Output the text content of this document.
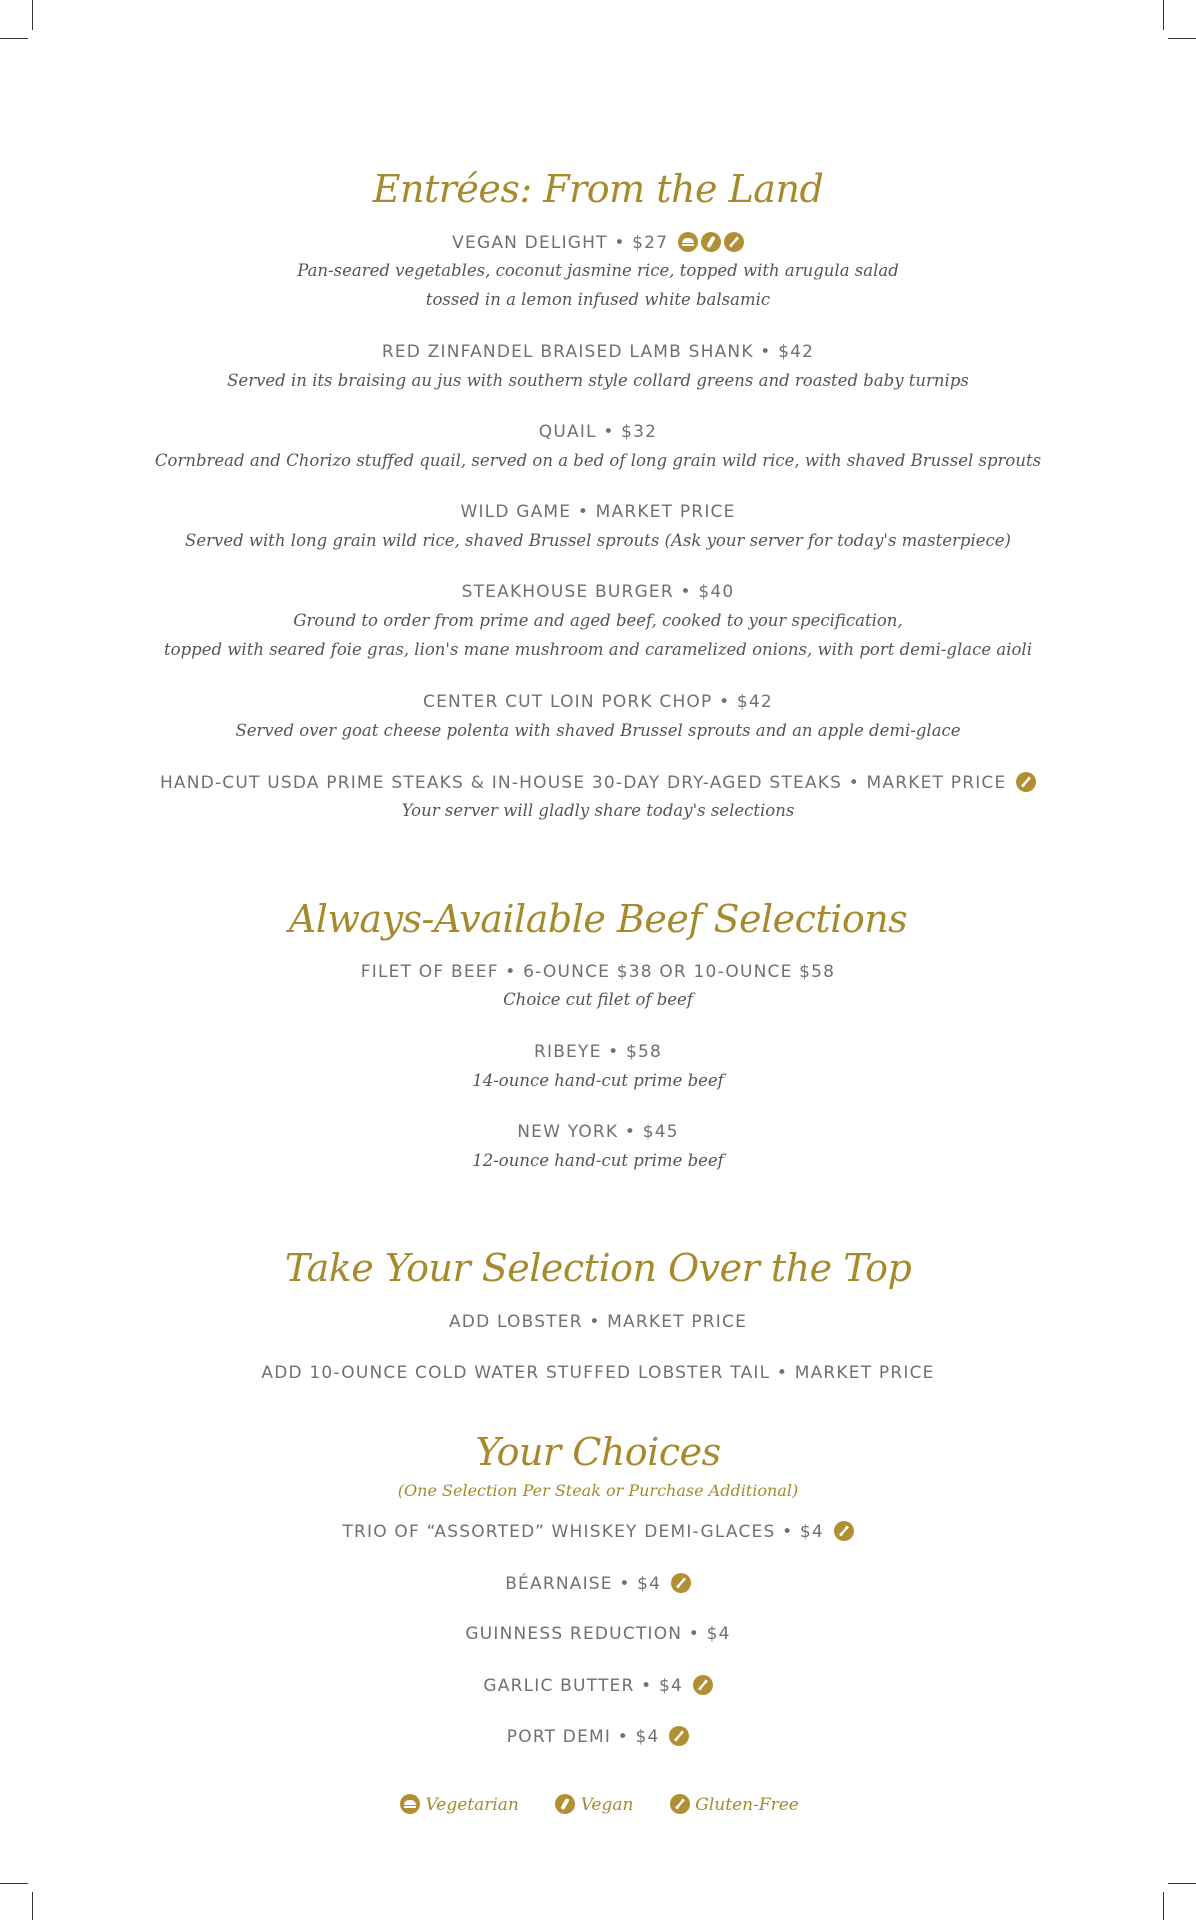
Entrées: From the Land
VEGAN DELIGHT • $27
Pan-seared vegetables, coconut jasmine rice, topped with arugula salad
tossed in a lemon infused white balsamic
RED ZINFANDEL BRAISED LAMB SHANK • $42
Served in its braising au jus with southern style collard greens and roasted baby turnips
QUAIL • $32
Cornbread and Chorizo stuffed quail, served on a bed of long grain wild rice, with shaved Brussel sprouts
WILD GAME • MARKET PRICE
Served with long grain wild rice, shaved Brussel sprouts (Ask your server for today's masterpiece)
STEAKHOUSE BURGER • $40
Ground to order from prime and aged beef, cooked to your specification,
topped with seared foie gras, lion's mane mushroom and caramelized onions, with port demi-glace aioli
CENTER CUT LOIN PORK CHOP • $42
Served over goat cheese polenta with shaved Brussel sprouts and an apple demi-glace
HAND-CUT USDA PRIME STEAKS & IN-HOUSE 30-DAY DRY-AGED STEAKS • MARKET PRICE
Your server will gladly share today's selections
Always-Available Beef Selections
FILET OF BEEF • 6-OUNCE $38 OR 10-OUNCE $58
Choice cut filet of beef
RIBEYE • $58
14-ounce hand-cut prime beef
NEW YORK • $45
12-ounce hand-cut prime beef
Take Your Selection Over the Top
ADD LOBSTER • MARKET PRICE
ADD 10-OUNCE COLD WATER STUFFED LOBSTER TAIL • MARKET PRICE
Your Choices
(One Selection Per Steak or Purchase Additional)
TRIO OF “ASSORTED” WHISKEY DEMI-GLACES • $4
BÉARNAISE • $4
GUINNESS REDUCTION • $4
GARLIC BUTTER • $4
PORT DEMI • $4
Vegetarian	Vegan	Gluten-Free
